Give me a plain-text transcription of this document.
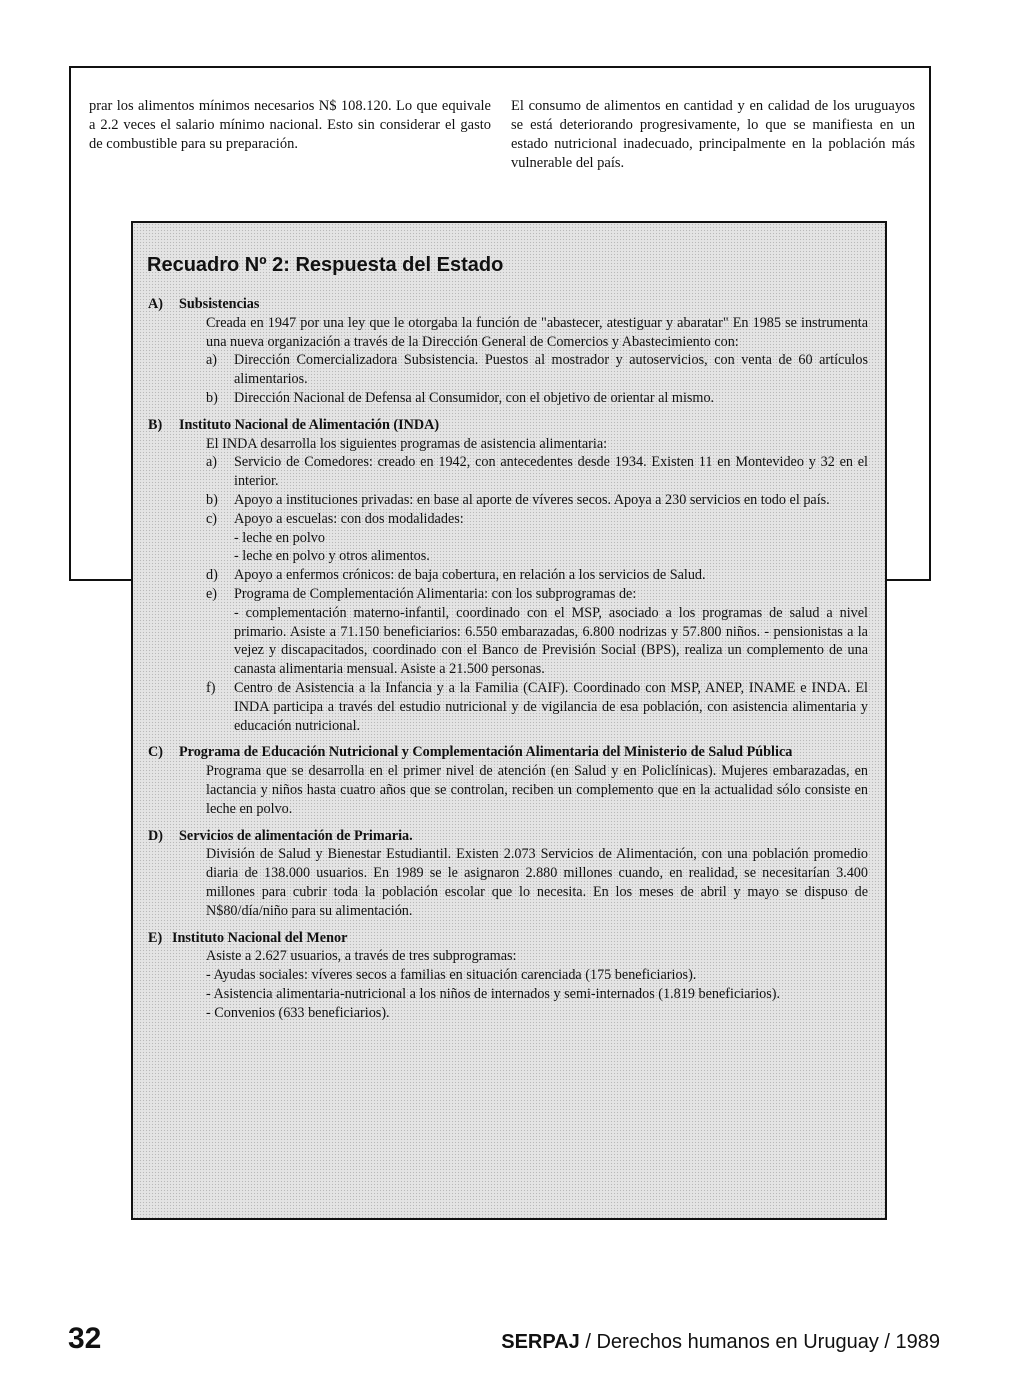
prar los alimentos mínimos necesarios N$ 108.120. Lo que equivale a 2.2 veces el salario mínimo nacional. Esto sin considerar el gasto de combustible para su preparación.

El consumo de alimentos en cantidad y en calidad de los uruguayos se está deteriorando progresivamente, lo que se manifiesta en un estado nutricional inadecuado, principalmente en la población más vulnerable del país.

Recuadro Nº 2: Respuesta del Estado
A)	Subsistencias

Creada en 1947 por una ley que le otorgaba la función de "abastecer, atestiguar y abaratar" En 1985 se instrumenta una nueva organización a través de la Dirección General de Comercios y Abastecimiento con:

a)	Dirección Comercializadora Subsistencia. Puestos al mostrador y autoservicios, con venta de 60 artículos alimentarios.
b)	Dirección Nacional de Defensa al Consumidor, con el objetivo de orientar al mismo.
B)	Instituto Nacional de Alimentación (INDA)

El INDA desarrolla los siguientes programas de asistencia alimentaria:

a)	Servicio de Comedores: creado en 1942, con antecedentes desde 1934. Existen 11 en Montevideo y 32 en el interior.
b)	Apoyo a instituciones privadas: en base al aporte de víveres secos. Apoya a 230 servicios en todo el país.
c)	Apoyo a escuelas: con dos modalidades:
- leche en polvo
- leche en polvo y otros alimentos.
d)	Apoyo a enfermos crónicos: de baja cobertura, en relación a los servicios de Salud.
e)	Programa de Complementación Alimentaria: con los subprogramas de:
- complementación materno-infantil, coordinado con el MSP, asociado a los programas de salud a nivel primario. Asiste a 71.150 beneficiarios: 6.550 embarazadas, 6.800 nodrizas y 57.800 niños. - pensionistas a la vejez y discapacitados, coordinado con el Banco de Previsión Social (BPS), realiza un complemento de una canasta alimentaria mensual. Asiste a 21.500 personas.
f)	Centro de Asistencia a la Infancia y a la Familia (CAIF). Coordinado con MSP, ANEP, INAME e INDA. El INDA participa a través del estudio nutricional y de vigilancia de esa población, con asistencia alimentaria y educación nutricional.
C)	Programa de Educación Nutricional y Complementación Alimentaria del Ministerio de Salud Pública
Programa que se desarrolla en el primer nivel de atención (en Salud y en Policlínicas). Mujeres embarazadas, en lactancia y niños hasta cuatro años que se controlan, reciben un complemento que en la actualidad sólo consiste en leche en polvo.
D)	Servicios de alimentación de Primaria.
División de Salud y Bienestar Estudiantil. Existen 2.073 Servicios de Alimentación, con una población promedio diaria de 138.000 usuarios. En 1989 se le asignaron 2.880 millones cuando, en realidad, se necesitarían 3.400 millones para cubrir toda la población escolar que lo necesita. En los meses de abril y mayo se dispuso de N$80/día/niño para su alimentación.
E) Instituto Nacional del Menor

Asiste a 2.627 usuarios, a través de tres subprogramas:

- Ayudas sociales: víveres secos a familias en situación carenciada (175 beneficiarios).

- Asistencia alimentaria-nutricional a los niños de internados y semi-internados (1.819 beneficiarios).

- Convenios (633 beneficiarios).

32	SERPAJ / Derechos humanos en Uruguay / 1989
